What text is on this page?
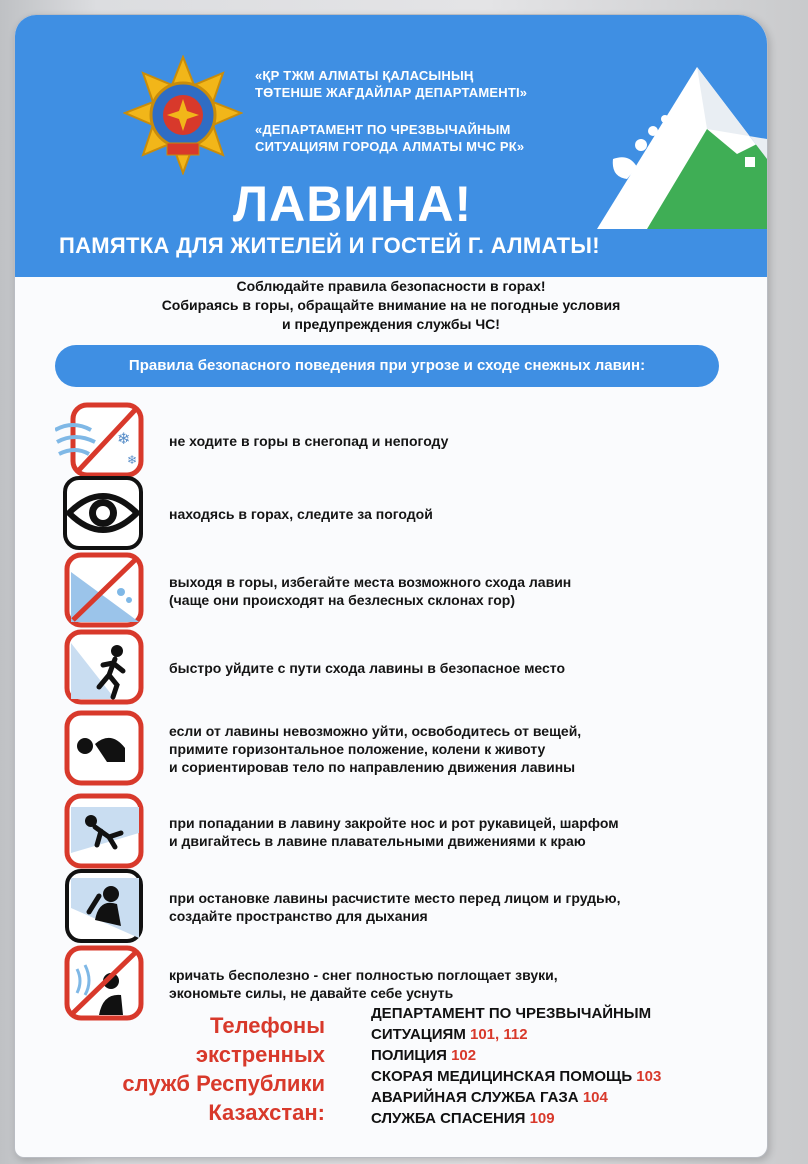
«ҚР ТЖМ АЛМАТЫ ҚАЛАСЫНЫҢ
ТӨТЕНШЕ ЖАҒДАЙЛАР ДЕПАРТАМЕНТІ»
«ДЕПАРТАМЕНТ ПО ЧРЕЗВЫЧАЙНЫМ
СИТУАЦИЯМ ГОРОДА АЛМАТЫ МЧС РК»
ЛАВИНА!
ПАМЯТКА ДЛЯ ЖИТЕЛЕЙ И ГОСТЕЙ Г. АЛМАТЫ!
Соблюдайте правила безопасности в горах!
Собираясь в горы, обращайте внимание на не погодные условия
и предупреждения службы ЧС!
Правила безопасного поведения при угрозе и сходе снежных лавин:
❄
❄
не ходите в горы в снегопад и непогоду
находясь в горах, следите за погодой
выходя в горы, избегайте места возможного схода лавин
(чаще они происходят на безлесных склонах гор)
быстро уйдите с пути схода лавины в безопасное место
если от лавины невозможно уйти, освободитесь от вещей,
примите горизонтальное положение, колени к животу
и сориентировав тело по направлению движения лавины
при попадании в лавину закройте нос и рот рукавицей, шарфом
и двигайтесь в лавине плавательными движениями к краю
при остановке лавины расчистите место перед лицом и грудью,
создайте пространство для дыхания
кричать бесполезно - снег полностью поглощает звуки,
экономьте силы, не давайте себе уснуть
Телефоны
экстренных
служб Республики
Казахстан:
ДЕПАРТАМЕНТ ПО ЧРЕЗВЫЧАЙНЫМ
СИТУАЦИЯМ 101, 112
ПОЛИЦИЯ 102
СКОРАЯ МЕДИЦИНСКАЯ ПОМОЩЬ 103
АВАРИЙНАЯ СЛУЖБА ГАЗА 104
СЛУЖБА СПАСЕНИЯ 109
